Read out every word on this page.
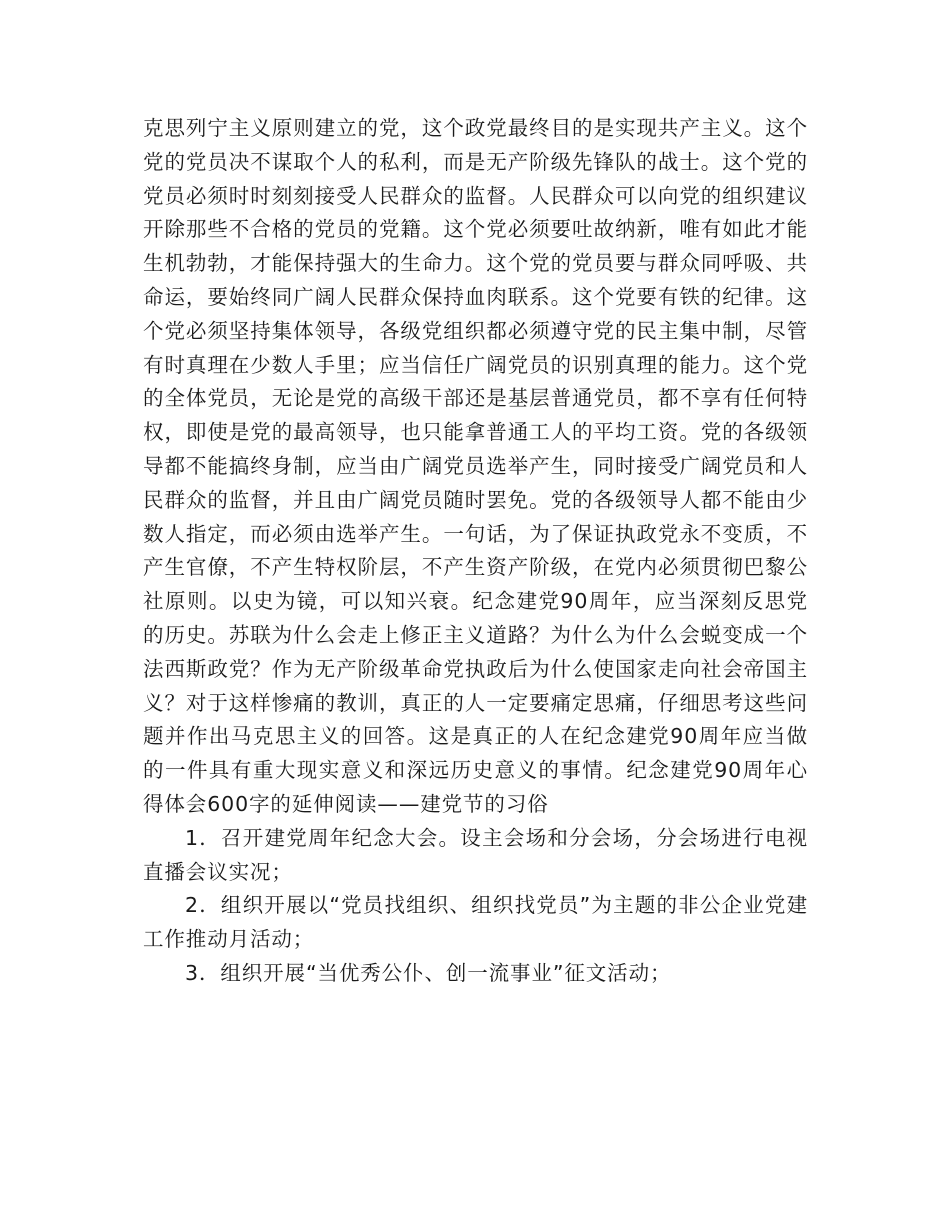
克思列宁主义原则建立的党，这个政党最终目的是实现共产主义。这个党的党员决不谋取个人的私利，而是无产阶级先锋队的战士。这个党的党员必须时时刻刻接受人民群众的监督。人民群众可以向党的组织建议开除那些不合格的党员的党籍。这个党必须要吐故纳新，唯有如此才能生机勃勃，才能保持强大的生命力。这个党的党员要与群众同呼吸、共命运，要始终同广阔人民群众保持血肉联系。这个党要有铁的纪律。这个党必须坚持集体领导，各级党组织都必须遵守党的民主集中制，尽管有时真理在少数人手里；应当信任广阔党员的识别真理的能力。这个党的全体党员，无论是党的高级干部还是基层普通党员，都不享有任何特权，即使是党的最高领导，也只能拿普通工人的平均工资。党的各级领导都不能搞终身制，应当由广阔党员选举产生，同时接受广阔党员和人民群众的监督，并且由广阔党员随时罢免。党的各级领导人都不能由少数人指定，而必须由选举产生。一句话，为了保证执政党永不变质，不产生官僚，不产生特权阶层，不产生资产阶级，在党内必须贯彻巴黎公社原则。以史为镜，可以知兴衰。纪念建党90周年，应当深刻反思党的历史。苏联为什么会走上修正主义道路？为什么为什么会蜕变成一个法西斯政党？作为无产阶级革命党执政后为什么使国家走向社会帝国主义？对于这样惨痛的教训，真正的人一定要痛定思痛，仔细思考这些问题并作出马克思主义的回答。这是真正的人在纪念建党90周年应当做的一件具有重大现实意义和深远历史意义的事情。纪念建党90周年心得体会600字的延伸阅读——建党节的习俗

1．召开建党周年纪念大会。设主会场和分会场，分会场进行电视直播会议实况；

2．组织开展以“党员找组织、组织找党员”为主题的非公企业党建工作推动月活动；

3．组织开展“当优秀公仆、创一流事业”征文活动；
